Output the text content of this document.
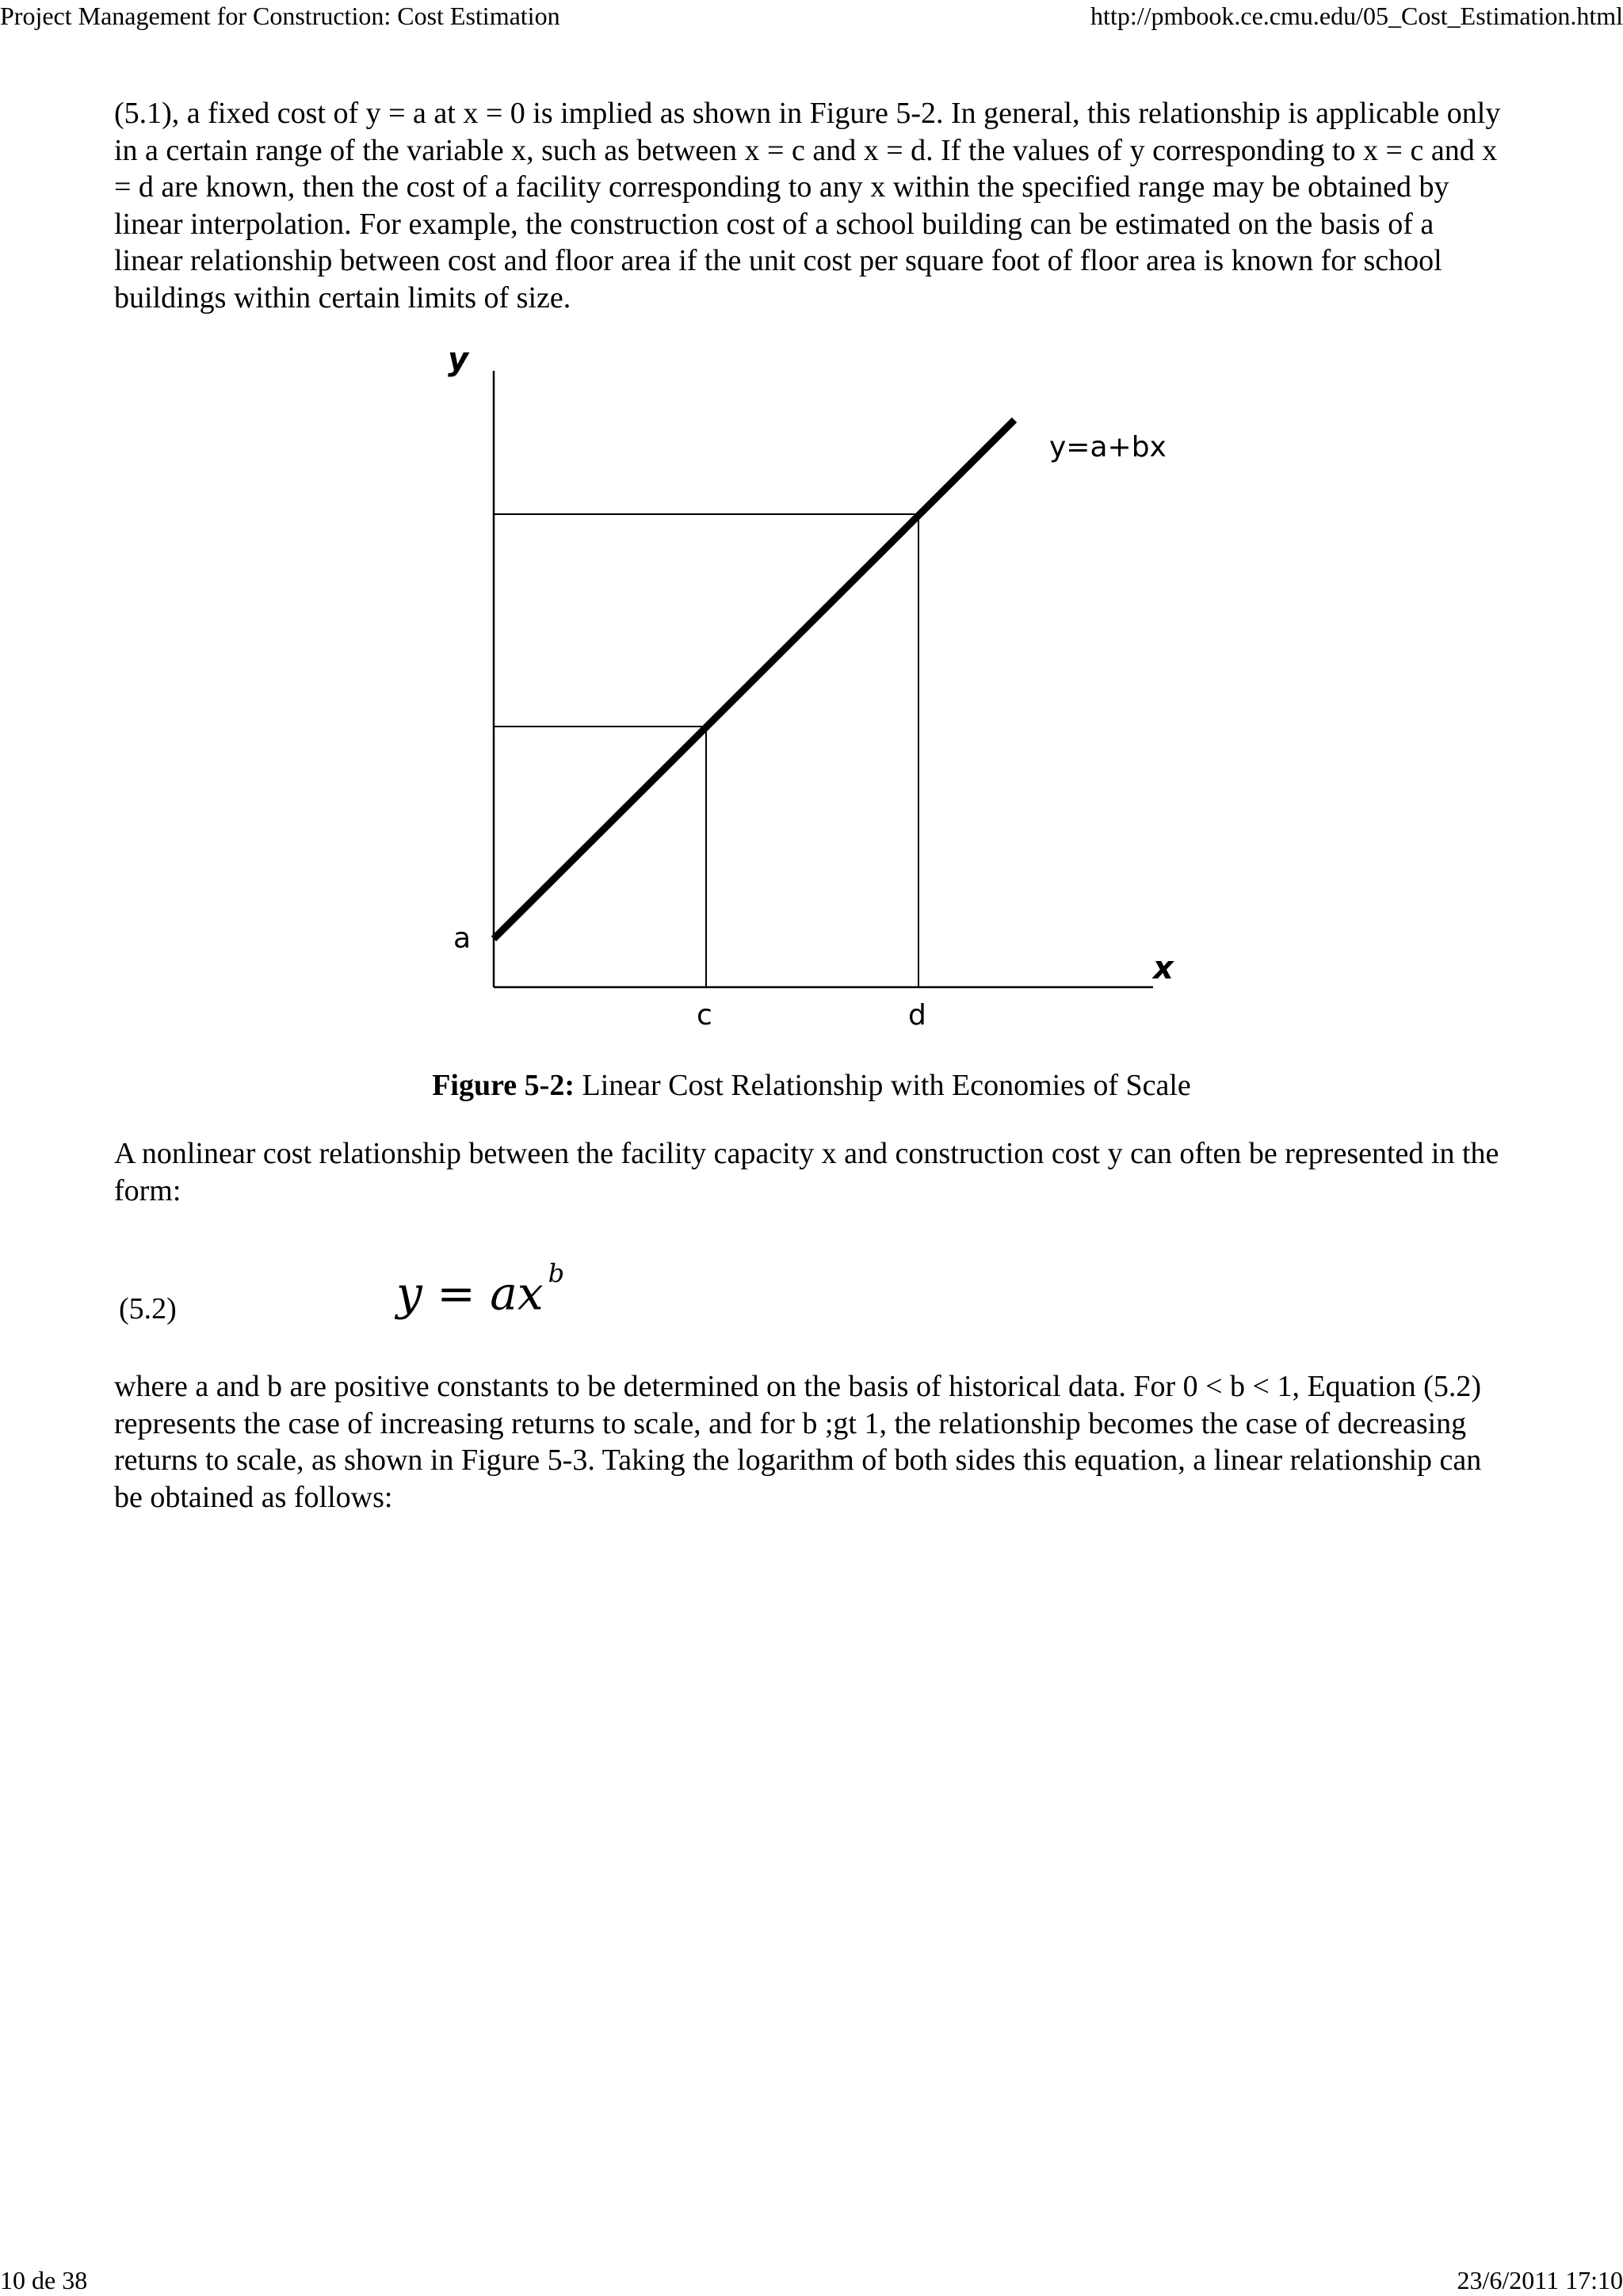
Project Management for Construction: Cost Estimation	http://pmbook.ce.cmu.edu/05_Cost_Estimation.html

(5.1), a fixed cost of y = a at x = 0 is implied as shown in Figure 5-2. In general, this relationship is applicable only in a certain range of the variable x, such as between x = c and x = d. If the values of y corresponding to x = c and x = d are known, then the cost of a facility corresponding to any x within the specified range may be obtained by linear interpolation. For example, the construction cost of a school building can be estimated on the basis of a linear relationship between cost and floor area if the unit cost per square foot of floor area is known for school buildings within certain limits of size.

y
x
y=a+bx
a
c	d
Figure 5-2: Linear Cost Relationship with Economies of Scale

A nonlinear cost relationship between the facility capacity x and construction cost y can often be represented in the form:

(5.2)	y = ax $^b$

where a and b are positive constants to be determined on the basis of historical data. For 0 < b < 1, Equation (5.2) represents the case of increasing returns to scale, and for b ;gt 1, the relationship becomes the case of decreasing returns to scale, as shown in Figure 5-3. Taking the logarithm of both sides this equation, a linear relationship can be obtained as follows:

10 de 38	23/6/2011 17:10
